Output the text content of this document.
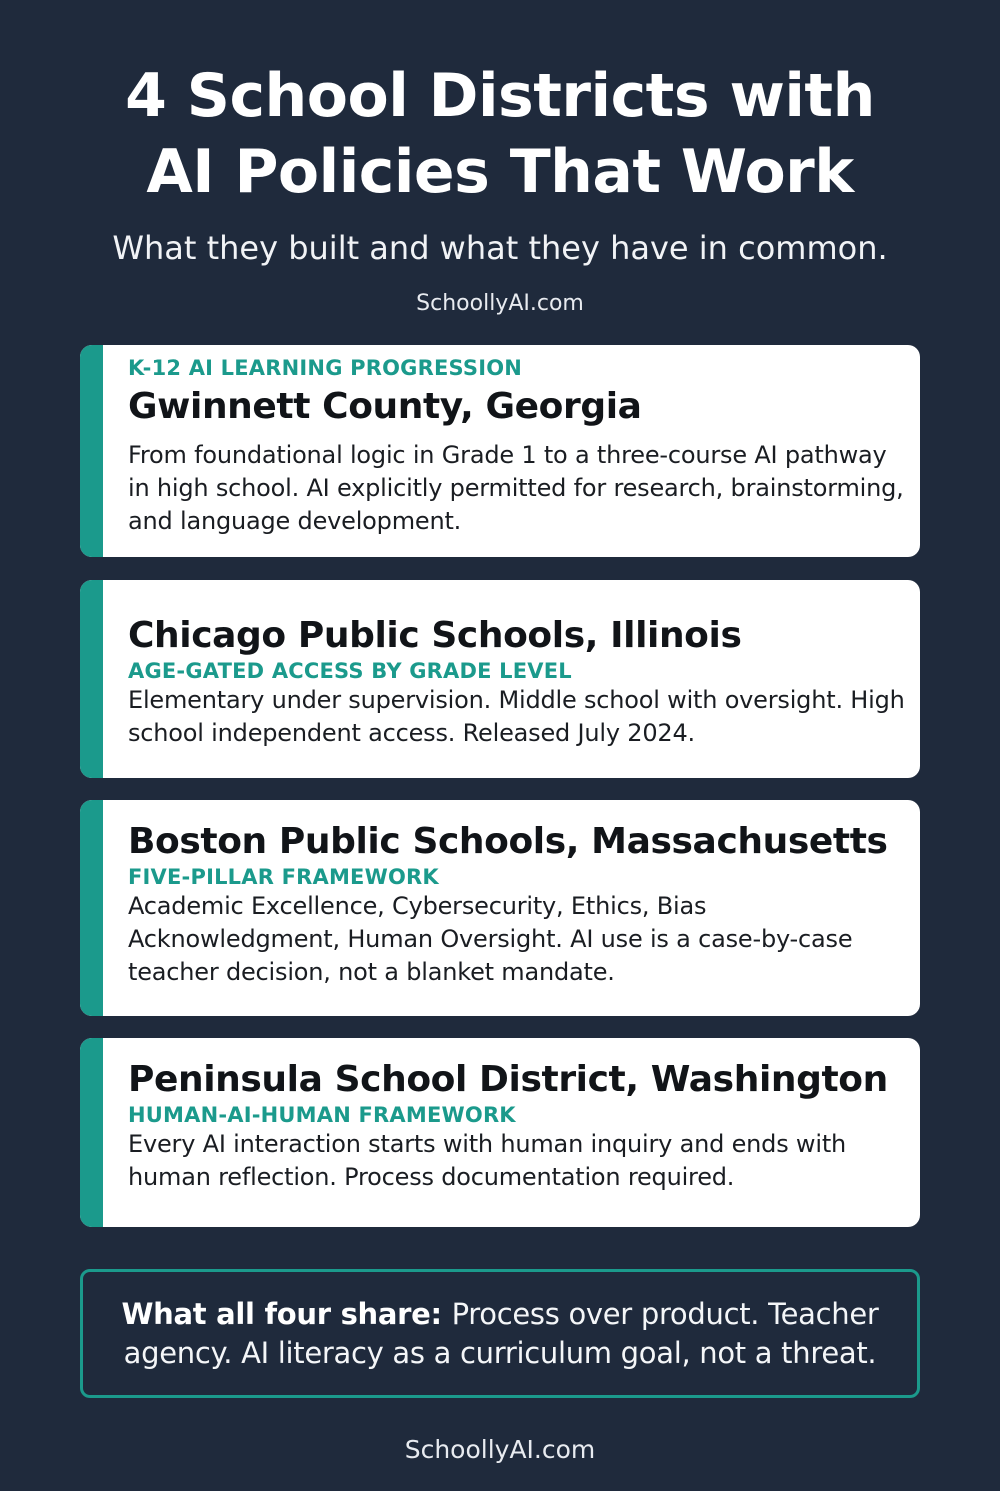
4 School Districts with
AI Policies That Work

What they built and what they have in common.

SchoollyAI.com

K-12 AI LEARNING PROGRESSION

Gwinnett County, Georgia

From foundational logic in Grade 1 to a three-course AI pathway in high school. AI explicitly permitted for research, brainstorming, and language development.

Chicago Public Schools, Illinois

AGE-GATED ACCESS BY GRADE LEVEL

Elementary under supervision. Middle school with oversight. High school independent access. Released July 2024.

Boston Public Schools, Massachusetts

FIVE-PILLAR FRAMEWORK

Academic Excellence, Cybersecurity, Ethics, Bias Acknowledgment, Human Oversight. AI use is a case-by-case teacher decision, not a blanket mandate.

Peninsula School District, Washington

HUMAN-AI-HUMAN FRAMEWORK

Every AI interaction starts with human inquiry and ends with human reflection. Process documentation required.

What all four share: Process over product. Teacher agency. AI literacy as a curriculum goal, not a threat.

SchoollyAI.com
